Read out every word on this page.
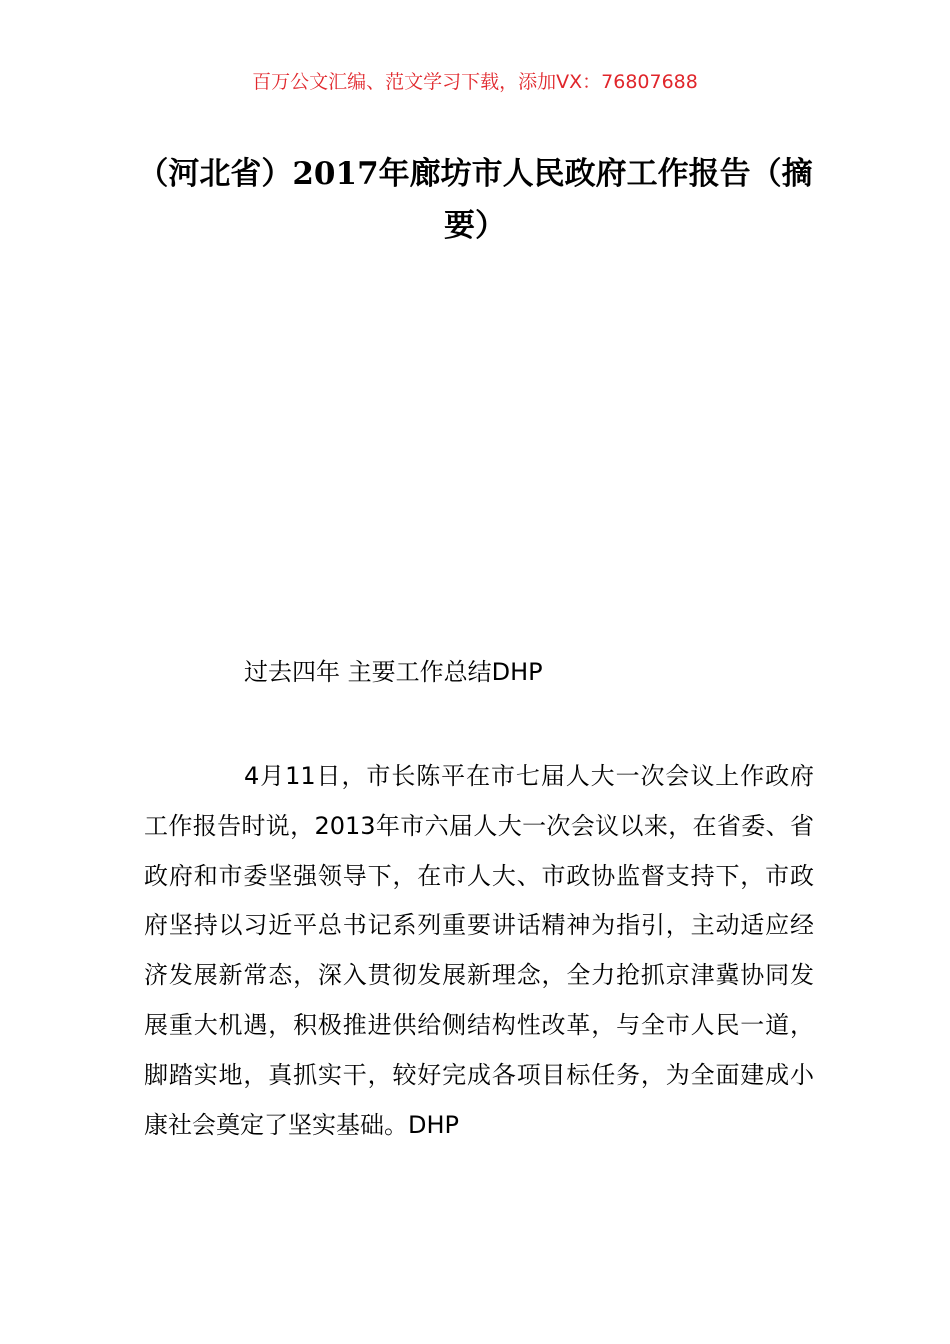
百万公文汇编、范文学习下载，添加VX：76807688
（河北省）2017年廊坊市人民政府工作报告（摘要）
过去四年 主要工作总结DHP

4月11日，市长陈平在市七届人大一次会议上作政府工作报告时说，2013年市六届人大一次会议以来，在省委、省政府和市委坚强领导下，在市人大、市政协监督支持下，市政府坚持以习近平总书记系列重要讲话精神为指引，主动适应经济发展新常态，深入贯彻发展新理念，全力抢抓京津冀协同发展重大机遇，积极推进供给侧结构性改革，与全市人民一道，脚踏实地，真抓实干，较好完成各项目标任务，为全面建成小康社会奠定了坚实基础。DHP
